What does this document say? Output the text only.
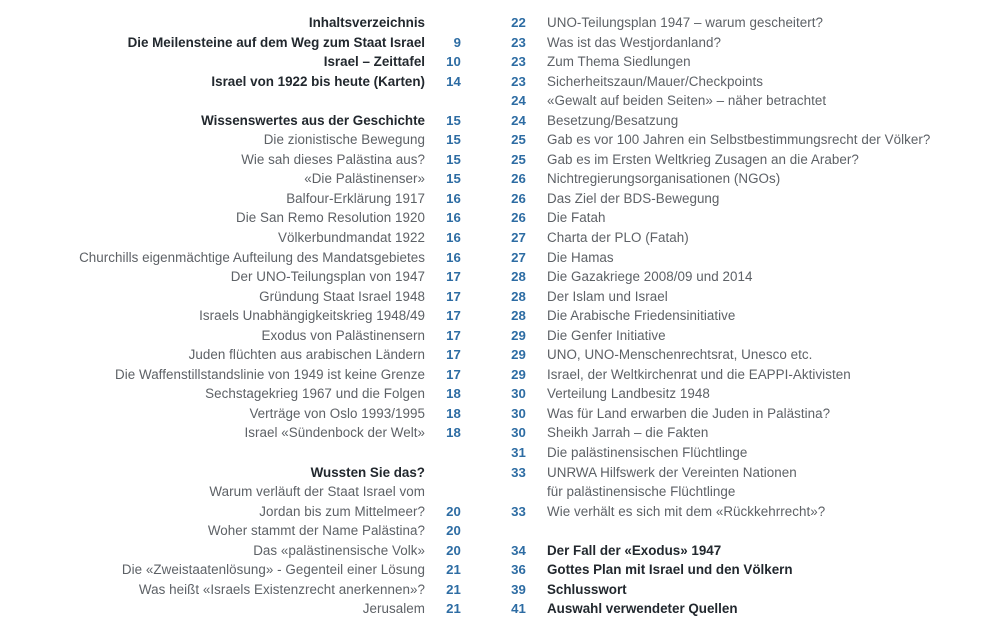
Inhaltsverzeichnis
Die Meilensteine auf dem Weg zum Staat Israel	9
Israel – Zeittafel	10
Israel von 1922 bis heute (Karten)	14
Wissenswertes aus der Geschichte	15
Die zionistische Bewegung	15
Wie sah dieses Palästina aus?	15
«Die Palästinenser»	15
Balfour-Erklärung 1917	16
Die San Remo Resolution 1920	16
Völkerbundmandat 1922	16
Churchills eigenmächtige Aufteilung des Mandatsgebietes	16
Der UNO-Teilungsplan von 1947	17
Gründung Staat Israel 1948	17
Israels Unabhängigkeitskrieg 1948/49	17
Exodus von Palästinensern	17
Juden flüchten aus arabischen Ländern	17
Die Waffenstillstandslinie von 1949 ist keine Grenze	17
Sechstagekrieg 1967 und die Folgen	18
Verträge von Oslo 1993/1995	18
Israel «Sündenbock der Welt»	18
Wussten Sie das?
Warum verläuft der Staat Israel vom
Jordan bis zum Mittelmeer?	20
Woher stammt der Name Palästina?	20
Das «palästinensische Volk»	20
Die «Zweistaatenlösung» - Gegenteil einer Lösung	21
Was heißt «Israels Existenzrecht anerkennen»?	21
Jerusalem	21
22 UNO-Teilungsplan 1947 – warum gescheitert?
23 Was ist das Westjordanland?
23 Zum Thema Siedlungen
23 Sicherheitszaun/Mauer/Checkpoints
24 «Gewalt auf beiden Seiten» – näher betrachtet
24 Besetzung/Besatzung
25 Gab es vor 100 Jahren ein Selbstbestimmungsrecht der Völker?
25 Gab es im Ersten Weltkrieg Zusagen an die Araber?
26 Nichtregierungsorganisationen (NGOs)
26 Das Ziel der BDS-Bewegung
26 Die Fatah
27 Charta der PLO (Fatah)
27 Die Hamas
28 Die Gazakriege 2008/09 und 2014
28 Der Islam und Israel
28 Die Arabische Friedensinitiative
29 Die Genfer Initiative
29 UNO, UNO-Menschenrechtsrat, Unesco etc.
29 Israel, der Weltkirchenrat und die EAPPI-Aktivisten
30 Verteilung Landbesitz 1948
30 Was für Land erwarben die Juden in Palästina?
30 Sheikh Jarrah – die Fakten
31 Die palästinensischen Flüchtlinge
33 UNRWA Hilfswerk der Vereinten Nationen
für palästinensische Flüchtlinge
33 Wie verhält es sich mit dem «Rückkehrrecht»?
34 Der Fall der «Exodus» 1947
36 Gottes Plan mit Israel und den Völkern
39 Schlusswort
41 Auswahl verwendeter Quellen
